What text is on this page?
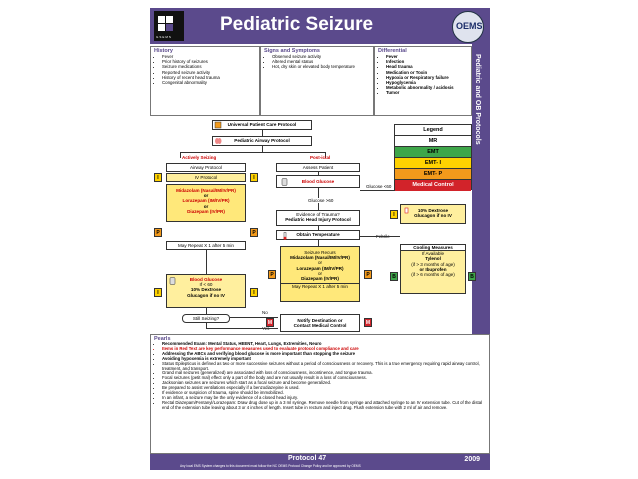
GSEMS
Pediatric Seizure	OEMS
Pediatric and OB Protocols
History
• Fever
• Prior history of seizures
• Seizure medications
• Reported seizure activity
• History of recent head trauma
• Congenital abnormality
Signs and Symptoms
• Observed seizure activity
• Altered mental status
• Hot, dry skin or elevated body temperature
Differential
• Fever
• Infection
• Head trauma
• Medication or Toxin
• Hypoxia or Respiratory failure
• Hypoglycemia
• Metabolic abnormality / acidosis
• Tumor
Universal Patient Care Protocol
Pediatric Airway Protocol
Actively Seizing	Post-ictal
Airway Protocol
IV Protocol
I	I
Midazolam (Nasal/IM/IV/PR)
or
Lorazepam (IM/IV/PR)
or
Diazepam (IV/PR)
P	P
May Repeat X 1 after 5 min
Blood Glucose
If < 60
10% Dextrose
Glucagon if no IV
I	I
Still Seizing?
No
Assess Patient
Blood Glucose
Glucose <60
Glucose >60
Evidence of Trauma?
Pediatric Head Injury Protocol
Obtain Temperature
Seizure Recurs
Midazolam (Nasal/IM/IV/PR)
or
Lorazepam (IM/IV/PR)
or
Diazepam (IV/PR)
May Repeat X 1 after 5 min
P	P
Notify Destination or
Contact Medical Control
M	M
10% Dextrose
Glucagon if no IV
I
Cooling Measures
If Available
Tylenol
(if > 3 months of age)
or Ibuprofen
(if > 6 months of age)
B	B
Legend
MR
EMT
EMT- I
EMT- P
Medical Control
Pearls
• Recommended Exam: Mental Status, HEENT, Heart, Lungs, Extremities, Neuro
• Items in Red Text are key performance measures used to evaluate protocol compliance and care
• Addressing the ABCs and verifying blood glucose is more important than stopping the seizure
• Avoiding hypoxemia is extremely important
• Status Epilepticus is defined as two or more successive seizures without a period of consciousness or recovery. This is a true emergency requiring rapid airway control, treatment, and transport.
• Grand mal seizures (generalized) are associated with loss of consciousness, incontinence, and tongue trauma.
• Focal seizures (petit mal) effect only a part of the body and are not usually result in a loss of consciousness.
• Jacksonian seizures are seizures which start as a focal seizure and become generalized.
• Be prepared to assist ventilations especially if a benzodiazepine is used.
• If evidence or suspicion of trauma, spine should be immobilized.
• In an infant, a seizure may be the only evidence of a closed head injury.
• Rectal Diazepam/Fentanyl/Lorazepam: Draw drug dose up in a 3 ml syringe. Remove needle from syringe and attached syringe to an IV extension tube. Cut of the distal end of the extension tube leaving about 3 or 4 inches of length. Insert tube in rectum and inject drug. Flush extension tube with 2 ml of air and remove.
Protocol 47	2009
Any local EMS System changes to this document must follow the NC OEMS Protocol Change Policy and be approved by OEMS
